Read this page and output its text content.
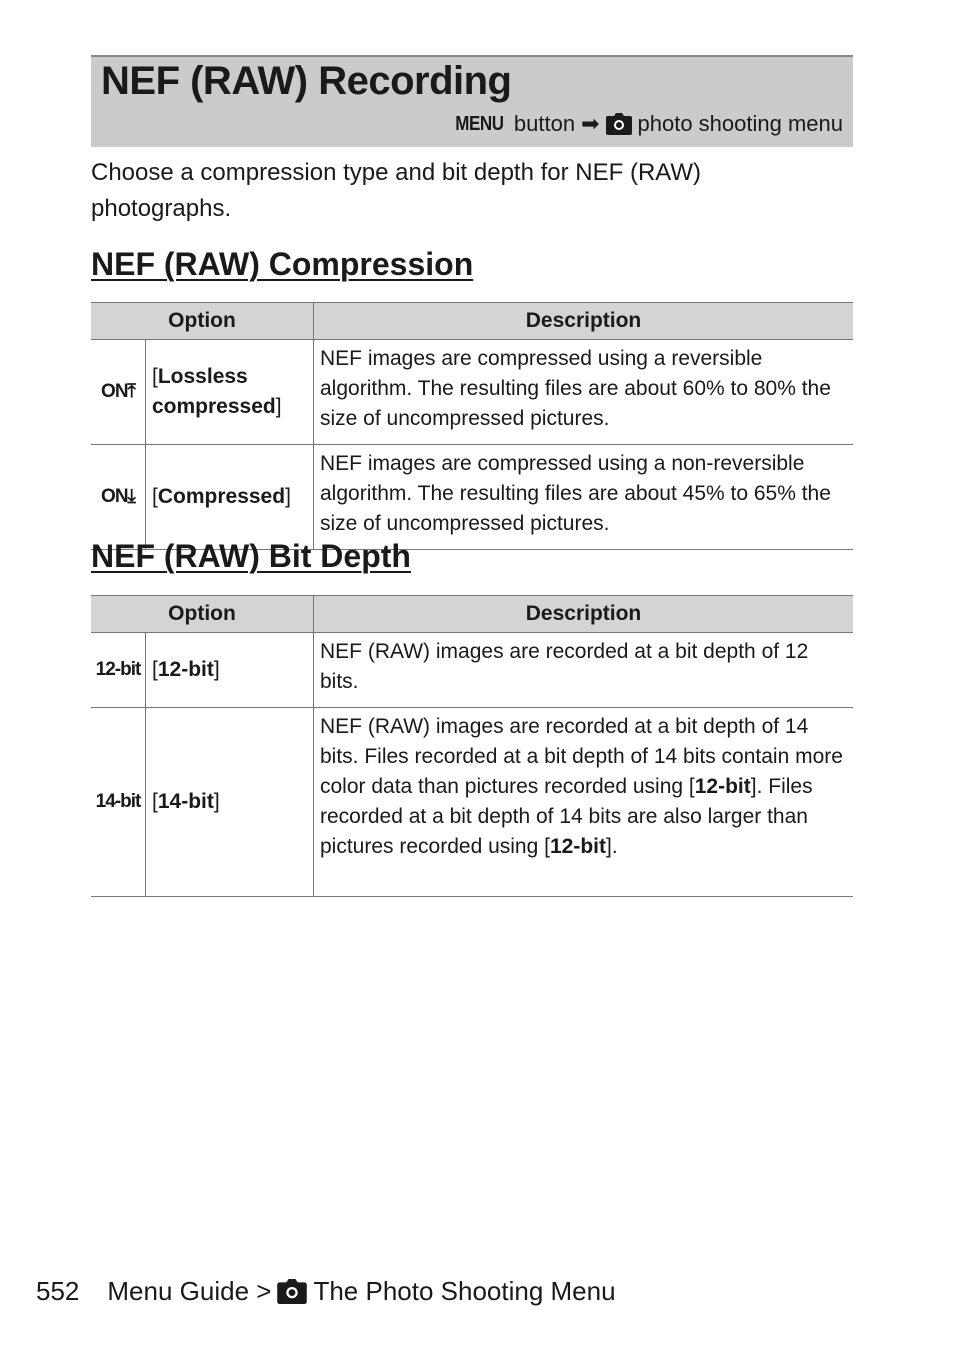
NEF (RAW) Recording
MENU button ➡ photo shooting menu

Choose a compression type and bit depth for NEF (RAW) photographs.

NEF (RAW) Compression
Option		Description
ON⤒	[Lossless compressed]	NEF images are compressed using a reversible algorithm. The resulting files are about 60% to 80% the size of uncompressed pictures.
ON⤓	[Compressed]	NEF images are compressed using a non-reversible algorithm. The resulting files are about 45% to 65% the size of uncompressed pictures.
NEF (RAW) Bit Depth
Option		Description
12-bit	[12-bit]	NEF (RAW) images are recorded at a bit depth of 12 bits.
14-bit	[14-bit]	NEF (RAW) images are recorded at a bit depth of 14 bits. Files recorded at a bit depth of 14 bits contain more color data than pictures recorded using [12-bit]. Files recorded at a bit depth of 14 bits are also larger than pictures recorded using [12-bit].
552 Menu Guide > The Photo Shooting Menu
